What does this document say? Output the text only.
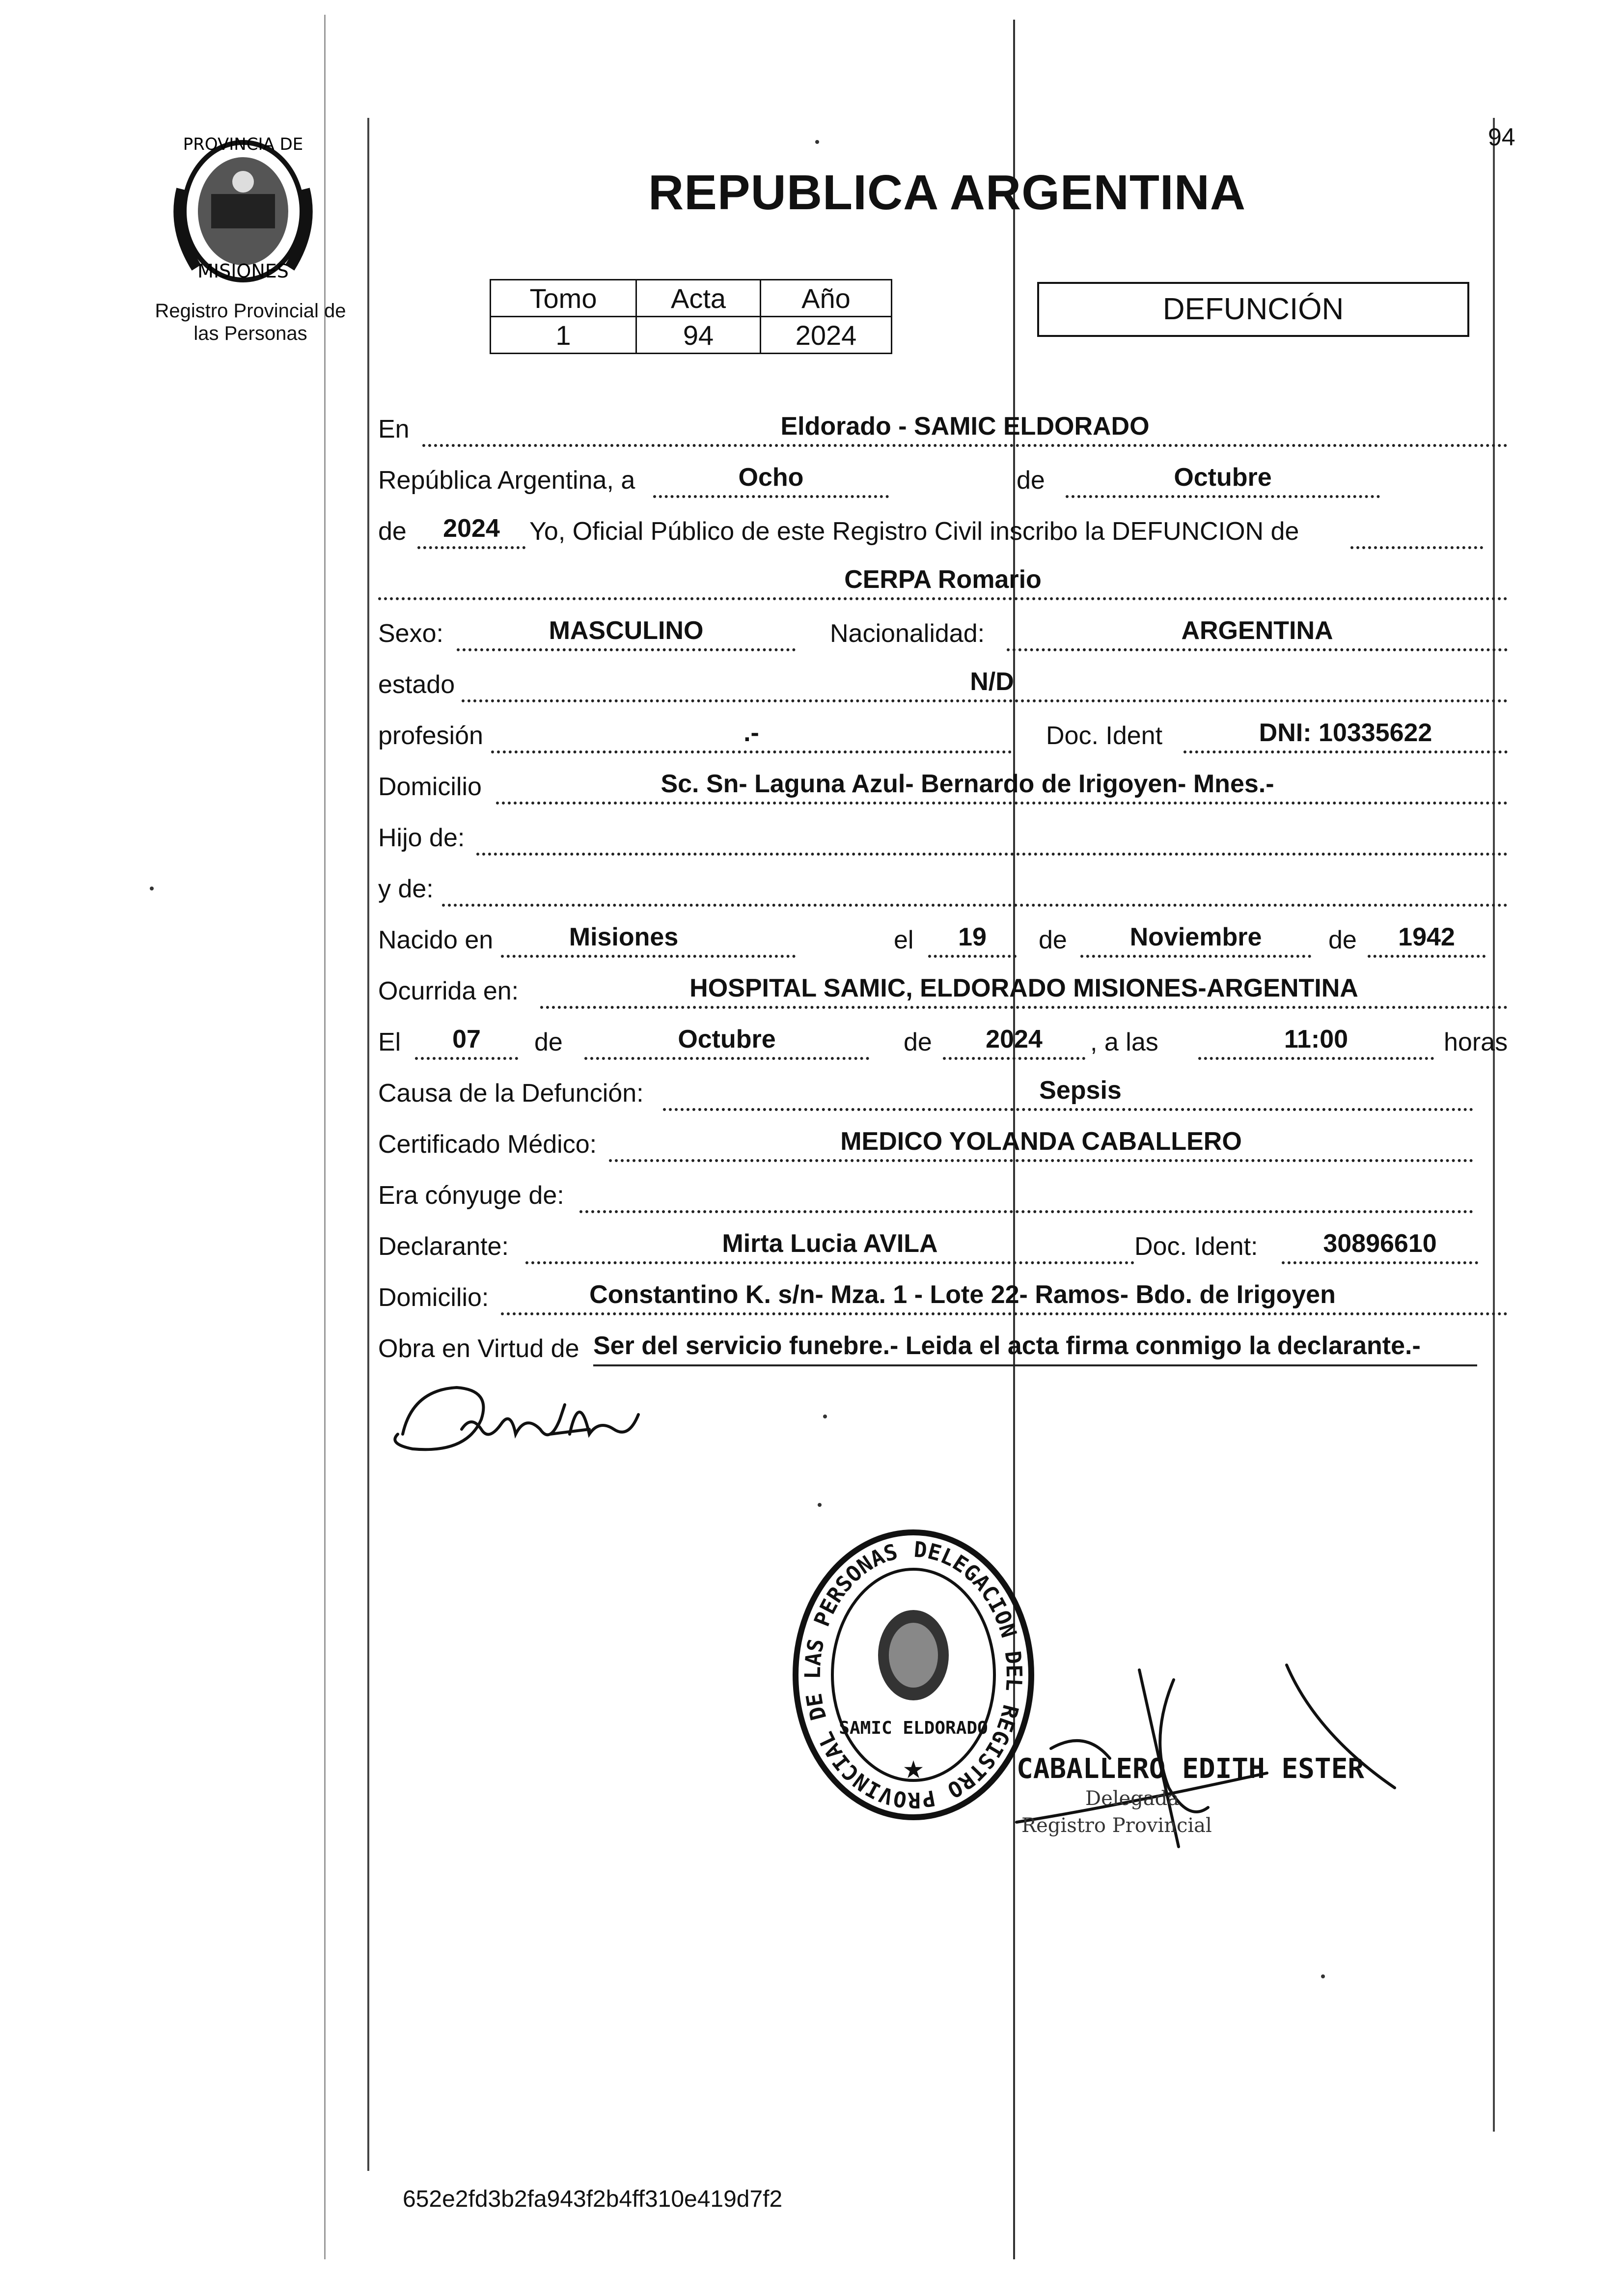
94
PROVINCIA DE
MISIONES
Registro Provincial de
las Personas
REPUBLICA ARGENTINA
Tomo	Acta	Año
1	94	2024
DEFUNCIÓN
En	Eldorado - SAMIC ELDORADO
República Argentina, a	Ocho	de	Octubre
de	2024	Yo, Oficial Público de este Registro Civil inscribo la DEFUNCION de
CERPA Romario
Sexo:	MASCULINO	Nacionalidad:	ARGENTINA
estado	N/D
profesión	.-	Doc. Ident	DNI: 10335622
Domicilio	Sc. Sn- Laguna Azul- Bernardo de Irigoyen- Mnes.-
Hijo de:
y de:
Nacido en	Misiones	el	19	de	Noviembre	de	1942
Ocurrida en:	HOSPITAL SAMIC, ELDORADO MISIONES-ARGENTINA
El	07	de	Octubre	de	2024	, a las	11:00	horas
Causa de la Defunción:	Sepsis
Certificado Médico:	MEDICO YOLANDA CABALLERO
Era cónyuge de:
Declarante:	Mirta Lucia AVILA	Doc. Ident:	30896610
Domicilio:	Constantino K. s/n- Mza. 1 - Lote 22- Ramos- Bdo. de Irigoyen
Obra en Virtud de Ser del servicio funebre.- Leida el acta firma conmigo la declarante.-
DELEGACION DEL REGISTRO PROVINCIAL DE LAS PERSONAS
SAMIC ELDORADO
★	CABALLERO EDITH ESTER
Delegada
Registro Provincial
652e2fd3b2fa943f2b4ff310e419d7f2
